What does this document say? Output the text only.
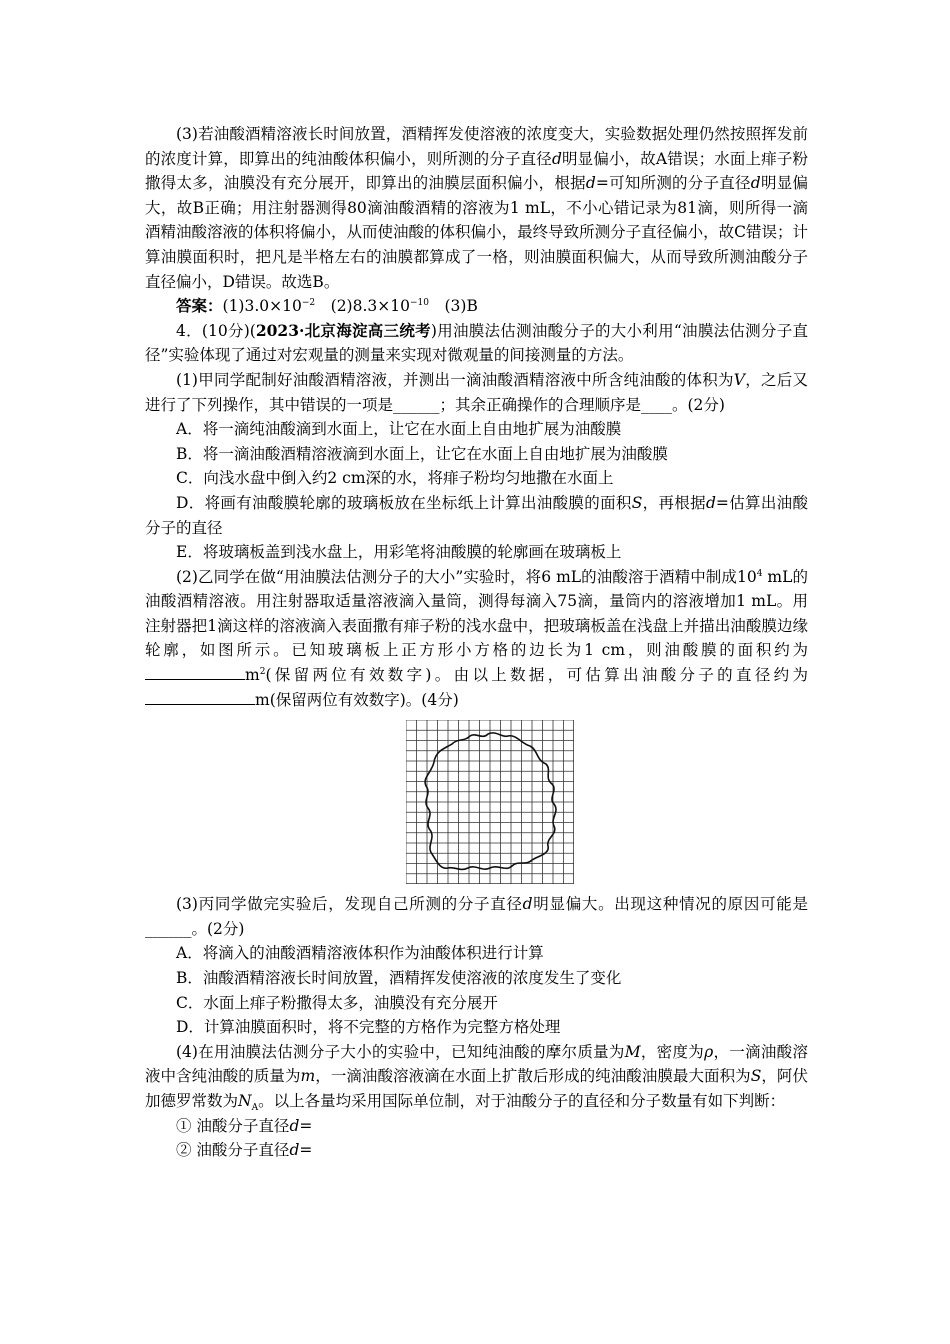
(3)若油酸酒精溶液长时间放置，酒精挥发使溶液的浓度变大，实验数据处理仍然按照挥发前的浓度计算，即算出的纯油酸体积偏小，则所测的分子直径d明显偏小，故A错误；水面上痱子粉撒得太多，油膜没有充分展开，即算出的油膜层面积偏小，根据d=可知所测的分子直径d明显偏大，故B正确；用注射器测得80滴油酸酒精的溶液为1 mL，不小心错记录为81滴，则所得一滴酒精油酸溶液的体积将偏小，从而使油酸的体积偏小，最终导致所测分子直径偏小，故C错误；计算油膜面积时，把凡是半格左右的油膜都算成了一格，则油膜面积偏大，从而导致所测油酸分子直径偏小，D错误。故选B。

答案：$(1)3.0\times 10^{-2}$　 $(2)8.3\times 10^{-10}$　 (3)B

4．(10分)(2023·北京海淀高三统考)用油膜法估测油酸分子的大小利用“油膜法估测分子直径”实验体现了通过对宏观量的测量来实现对微观量的间接测量的方法。

(1)甲同学配制好油酸酒精溶液，并测出一滴油酸酒精溶液中所含纯油酸的体积为V，之后又进行了下列操作，其中错误的一项是______；其余正确操作的合理顺序是____。(2分)

A．将一滴纯油酸滴到水面上，让它在水面上自由地扩展为油酸膜

B．将一滴油酸酒精溶液滴到水面上，让它在水面上自由地扩展为油酸膜

C．向浅水盘中倒入约2 cm深的水，将痱子粉均匀地撒在水面上

D．将画有油酸膜轮廓的玻璃板放在坐标纸上计算出油酸膜的面积S，再根据d=估算出油酸分子的直径

E．将玻璃板盖到浅水盘上，用彩笔将油酸膜的轮廓画在玻璃板上

(2)乙同学在做“用油膜法估测分子的大小”实验时，将6 mL的油酸溶于酒精中制成$10^4$ mL的油酸酒精溶液。用注射器取适量溶液滴入量筒，测得每滴入75滴，量筒内的溶液增加1 mL。用注射器把1滴这样的溶液滴入表面撒有痱子粉的浅水盘中，把玻璃板盖在浅盘上并描出油酸膜边缘轮廓，如图所示。已知玻璃板上正方形小方格的边长为1 cm，则油酸膜的面积约为$m^2$(保留两位有效数字)。由以上数据，可估算出油酸分子的直径约为m(保留两位有效数字)。(4分)

(3)丙同学做完实验后，发现自己所测的分子直径d明显偏大。出现这种情况的原因可能是______。(2分)

A．将滴入的油酸酒精溶液体积作为油酸体积进行计算

B．油酸酒精溶液长时间放置，酒精挥发使溶液的浓度发生了变化

C．水面上痱子粉撒得太多，油膜没有充分展开

D．计算油膜面积时，将不完整的方格作为完整方格处理

(4)在用油膜法估测分子大小的实验中，已知纯油酸的摩尔质量为M，密度为ρ，一滴油酸溶液中含纯油酸的质量为m，一滴油酸溶液滴在水面上扩散后形成的纯油酸油膜最大面积为S，阿伏加德罗常数为$N_A$。以上各量均采用国际单位制，对于油酸分子的直径和分子数量有如下判断：

① 油酸分子直径d=

② 油酸分子直径d=
